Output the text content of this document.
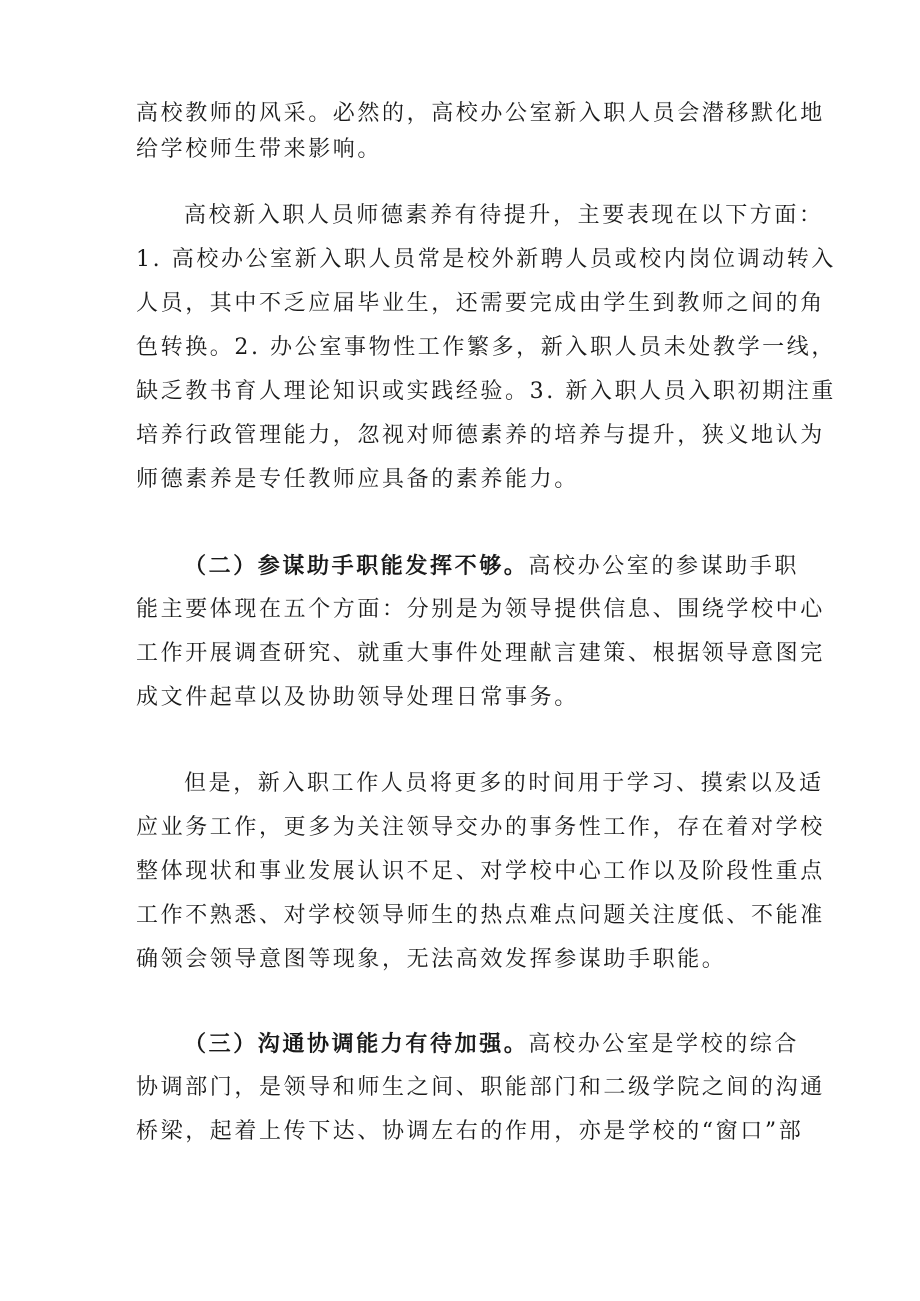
高校教师的风采。必然的，高校办公室新入职人员会潜移默化地
给学校师生带来影响。
高校新入职人员师德素养有待提升，主要表现在以下方面：
1. 高校办公室新入职人员常是校外新聘人员或校内岗位调动转入
人员，其中不乏应届毕业生，还需要完成由学生到教师之间的角
色转换。2. 办公室事物性工作繁多，新入职人员未处教学一线，
缺乏教书育人理论知识或实践经验。3. 新入职人员入职初期注重
培养行政管理能力，忽视对师德素养的培养与提升，狭义地认为
师德素养是专任教师应具备的素养能力。
（二）参谋助手职能发挥不够。高校办公室的参谋助手职
能主要体现在五个方面：分别是为领导提供信息、围绕学校中心
工作开展调查研究、就重大事件处理献言建策、根据领导意图完
成文件起草以及协助领导处理日常事务。
但是，新入职工作人员将更多的时间用于学习、摸索以及适
应业务工作，更多为关注领导交办的事务性工作，存在着对学校
整体现状和事业发展认识不足、对学校中心工作以及阶段性重点
工作不熟悉、对学校领导师生的热点难点问题关注度低、不能准
确领会领导意图等现象，无法高效发挥参谋助手职能。
（三）沟通协调能力有待加强。高校办公室是学校的综合
协调部门，是领导和师生之间、职能部门和二级学院之间的沟通
桥梁，起着上传下达、协调左右的作用，亦是学校的“窗口”部
